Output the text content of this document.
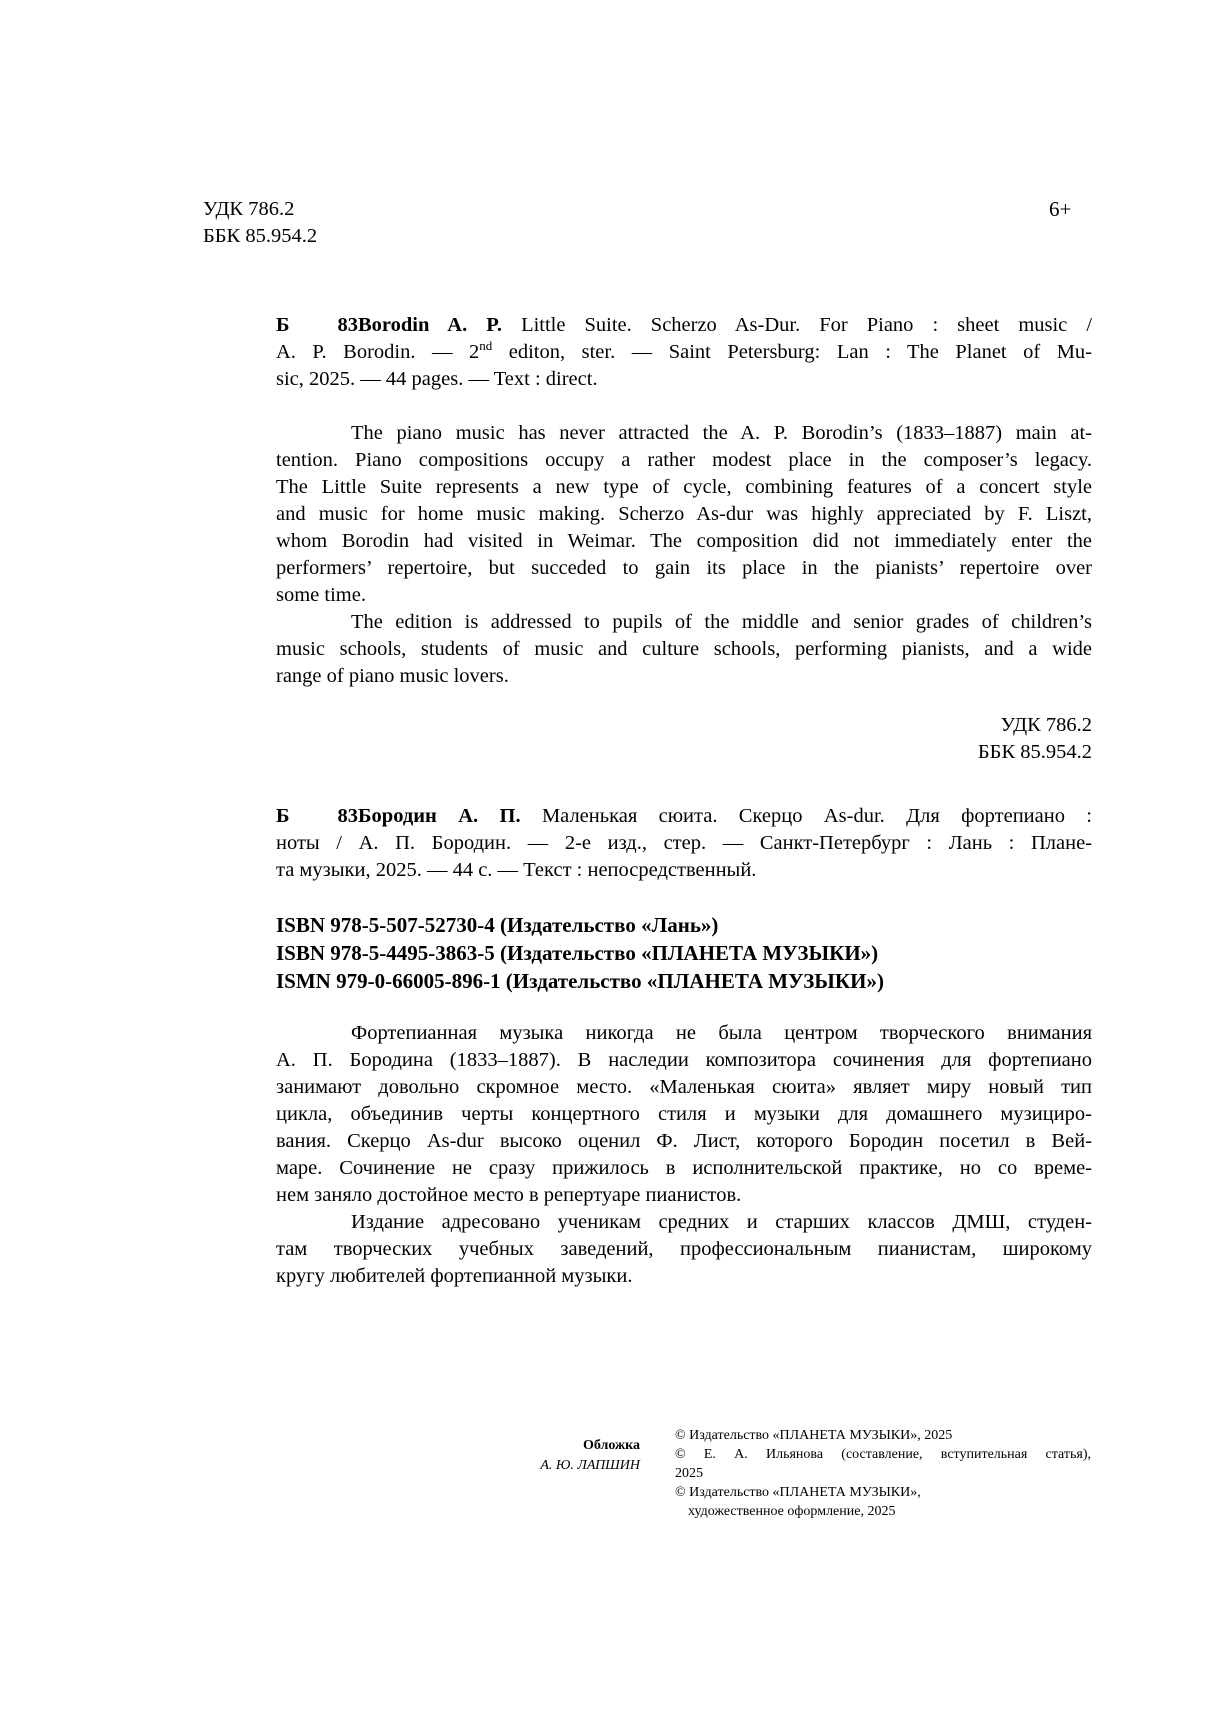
УДК 786.2
ББК 85.954.2
6+
Б 83Borodin A. P. Little Suite. Scherzo As-Dur. For Piano : sheet music /
A. P. Borodin. — 2nd editon, ster. — Saint Petersburg: Lan : The Planet of Mu-
sic, 2025. — 44 pages. — Text : direct.
The piano music has never attracted the A. P. Borodin’s (1833–1887) main at-
tention. Piano compositions occupy a rather modest place in the composer’s legacy.
The Little Suite represents a new type of cycle, combining features of a concert style
and music for home music making. Scherzo As-dur was highly appreciated by F. Liszt,
whom Borodin had visited in Weimar. The composition did not immediately enter the
performers’ repertoire, but succeded to gain its place in the pianists’ repertoire over
some time.
The edition is addressed to pupils of the middle and senior grades of children’s
music schools, students of music and culture schools, performing pianists, and a wide
range of piano music lovers.
УДК 786.2
ББК 85.954.2
Б 83Бородин А. П. Маленькая сюита. Скерцо As-dur. Для фортепиано :
ноты / А. П. Бородин. — 2-е изд., стер. — Санкт-Петербург : Лань : Плане-
та музыки, 2025. — 44 с. — Текст : непосредственный.
ISBN 978-5-507-52730-4 (Издательство «Лань»)
ISBN 978-5-4495-3863-5 (Издательство «ПЛАНЕТА МУЗЫКИ»)
ISMN 979-0-66005-896-1 (Издательство «ПЛАНЕТА МУЗЫКИ»)
Фортепианная музыка никогда не была центром творческого внимания
А. П. Бородина (1833–1887). В наследии композитора сочинения для фортепиано
занимают довольно скромное место. «Маленькая сюита» являет миру новый тип
цикла, объединив черты концертного стиля и музыки для домашнего музициро-
вания. Скерцо As-dur высоко оценил Ф. Лист, которого Бородин посетил в Вей-
маре. Сочинение не сразу прижилось в исполнительской практике, но со време-
нем заняло достойное место в репертуаре пианистов.
Издание адресовано ученикам средних и старших классов ДМШ, студен-
там творческих учебных заведений, профессиональным пианистам, широкому
кругу любителей фортепианной музыки.
Обложка
А. Ю. ЛАПШИН
© Издательство «ПЛАНЕТА МУЗЫКИ», 2025
© Е. А. Ильянова (составление, вступительная статья),
2025
© Издательство «ПЛАНЕТА МУЗЫКИ»,
художественное оформление, 2025
